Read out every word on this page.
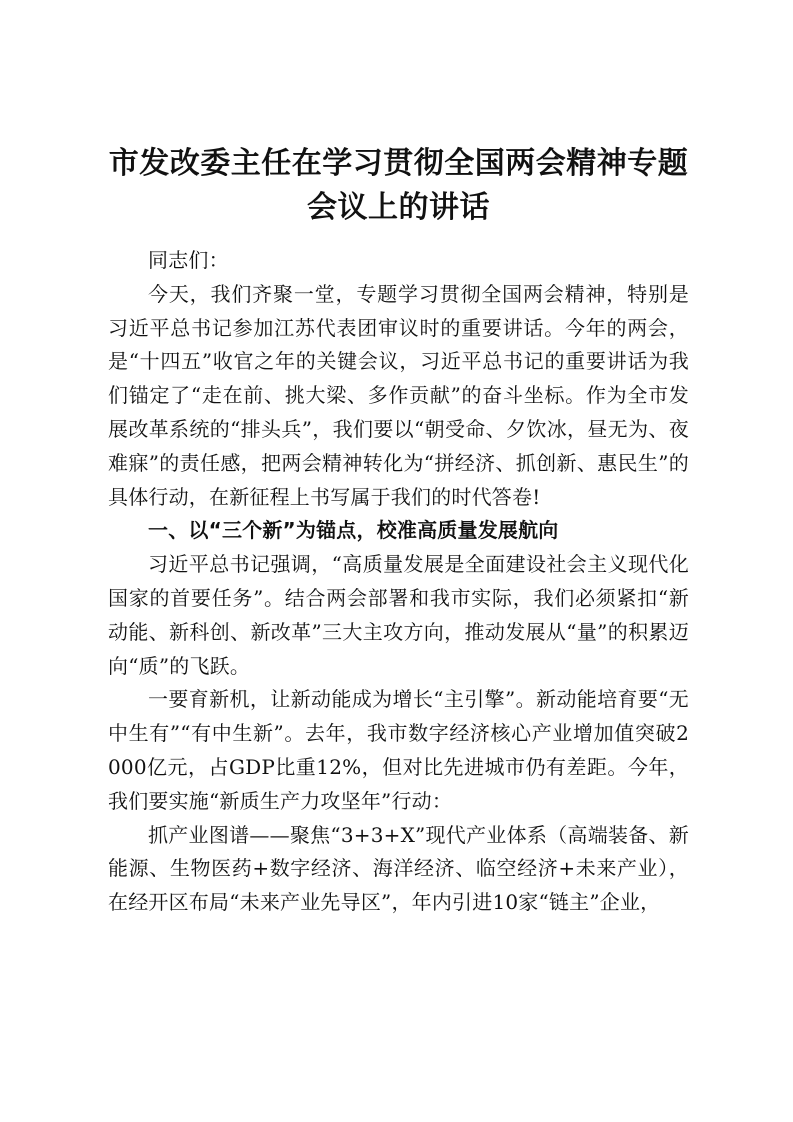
市发改委主任在学习贯彻全国两会精神专题会议上的讲话

同志们：

今天，我们齐聚一堂，专题学习贯彻全国两会精神，特别是习近平总书记参加江苏代表团审议时的重要讲话。今年的两会，是“十四五”收官之年的关键会议，习近平总书记的重要讲话为我们锚定了“走在前、挑大梁、多作贡献”的奋斗坐标。作为全市发展改革系统的“排头兵”，我们要以“朝受命、夕饮冰，昼无为、夜难寐”的责任感，把两会精神转化为“拼经济、抓创新、惠民生”的具体行动，在新征程上书写属于我们的时代答卷!

一、以“三个新”为锚点，校准高质量发展航向

习近平总书记强调，“高质量发展是全面建设社会主义现代化国家的首要任务”。结合两会部署和我市实际，我们必须紧扣“新动能、新科创、新改革”三大主攻方向，推动发展从“量”的积累迈向“质”的飞跃。

一要育新机，让新动能成为增长“主引擎”。新动能培育要“无中生有”“有中生新”。去年，我市数字经济核心产业增加值突破2000亿元，占GDP比重12%，但对比先进城市仍有差距。今年，我们要实施“新质生产力攻坚年”行动：

抓产业图谱——聚焦“3+3+X”现代产业体系（高端装备、新能源、生物医药+数字经济、海洋经济、临空经济+未来产业），在经开区布局“未来产业先导区”，年内引进10家“链主”企业，
